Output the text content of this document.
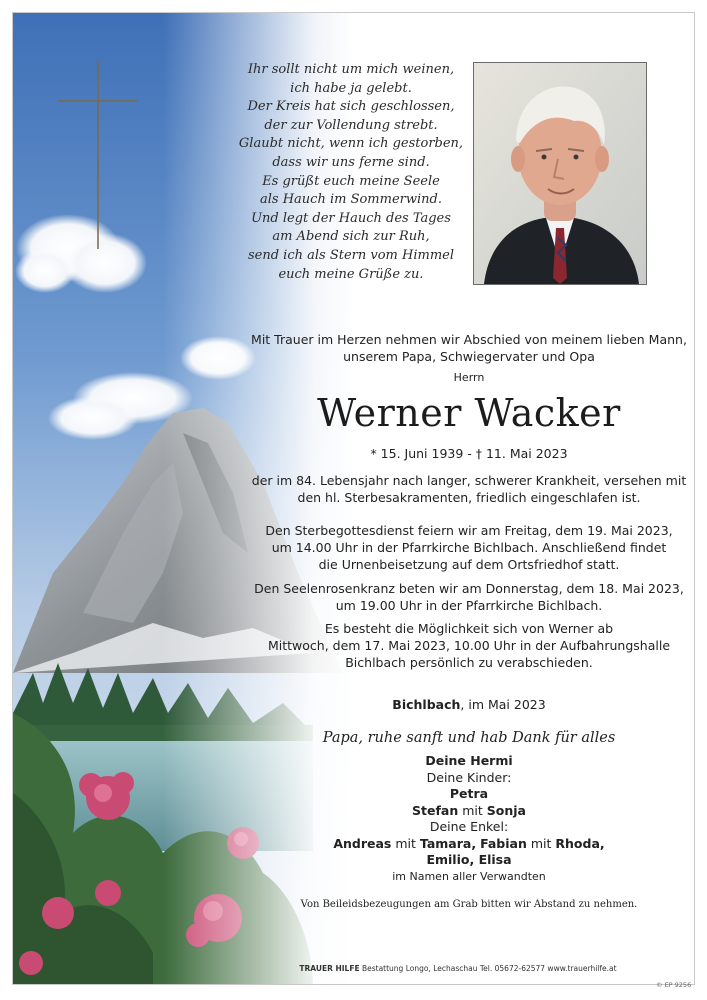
Ihr sollt nicht um mich weinen,
ich habe ja gelebt.
Der Kreis hat sich geschlossen,
der zur Vollendung strebt.
Glaubt nicht, wenn ich gestorben,
dass wir uns ferne sind.
Es grüßt euch meine Seele
als Hauch im Sommerwind.
Und legt der Hauch des Tages
am Abend sich zur Ruh,
send ich als Stern vom Himmel
euch meine Grüße zu.
Mit Trauer im Herzen nehmen wir Abschied von meinem lieben Mann,
unserem Papa, Schwiegervater und Opa
Herrn
Werner Wacker
* 15. Juni 1939 - † 11. Mai 2023
der im 84. Lebensjahr nach langer, schwerer Krankheit, versehen mit
den hl. Sterbesakramenten, friedlich eingeschlafen ist.
Den Sterbegottesdienst feiern wir am Freitag, dem 19. Mai 2023,
um 14.00 Uhr in der Pfarrkirche Bichlbach. Anschließend findet
die Urnenbeisetzung auf dem Ortsfriedhof statt.
Den Seelenrosenkranz beten wir am Donnerstag, dem 18. Mai 2023,
um 19.00 Uhr in der Pfarrkirche Bichlbach.
Es besteht die Möglichkeit sich von Werner ab
Mittwoch, dem 17. Mai 2023, 10.00 Uhr in der Aufbahrungshalle
Bichlbach persönlich zu verabschieden.
Bichlbach, im Mai 2023
Papa, ruhe sanft und hab Dank für alles
Deine Hermi
Deine Kinder:
Petra
Stefan mit Sonja
Deine Enkel:
Andreas mit Tamara, Fabian mit Rhoda,
Emilio, Elisa
im Namen aller Verwandten
Von Beileidsbezeugungen am Grab bitten wir Abstand zu nehmen.
TRAUER HILFE Bestattung Longo, Lechaschau Tel. 05672-62577 www.trauerhilfe.at
© EP 9256
